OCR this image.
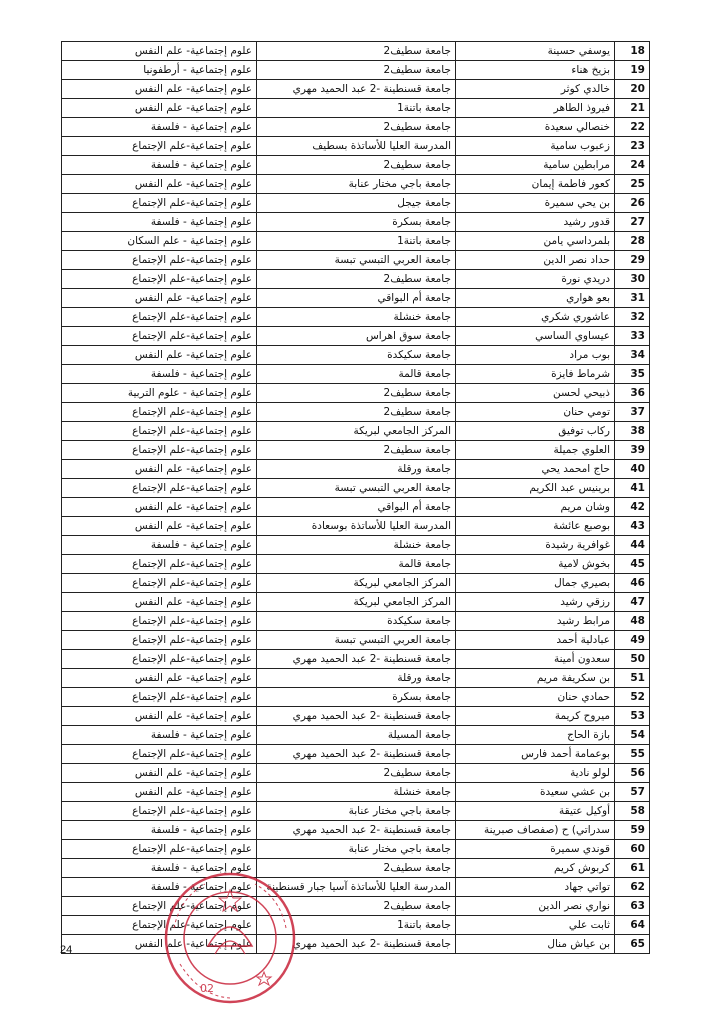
18	يوسفي حسينة	جامعة سطيف2	علوم إجتماعية- علم النفس
19	بزيخ هناء	جامعة سطيف2	علوم إجتماعية - أرطفونيا
20	خالدي كوثر	جامعة قسنطينة -2 عبد الحميد مهري	علوم إجتماعية- علم النفس
21	فيروذ الطاهر	جامعة باتنة1	علوم إجتماعية- علم النفس
22	خنصالي سعيدة	جامعة سطيف2	علوم إجتماعية - فلسفة
23	زعبوب سامية	المدرسة العليا للأساتذة بسطيف	علوم إجتماعية-علم الإجتماع
24	مرابطين سامية	جامعة سطيف2	علوم إجتماعية - فلسفة
25	كعور فاطمة إيمان	جامعة باجي مختار عنابة	علوم إجتماعية- علم النفس
26	بن يحي سميرة	جامعة جيجل	علوم إجتماعية-علم الإجتماع
27	قدور رشيد	جامعة بسكرة	علوم إجتماعية - فلسفة
28	بلمرداسي يامن	جامعة باتنة1	علوم إجتماعية - علم السكان
29	حداد نصر الدين	جامعة العربي التبسي تبسة	علوم إجتماعية-علم الإجتماع
30	دريدي نورة	جامعة سطيف2	علوم إجتماعية-علم الإجتماع
31	بعو هواري	جامعة أم البواقي	علوم إجتماعية- علم النفس
32	عاشوري شكري	جامعة خنشلة	علوم إجتماعية-علم الإجتماع
33	عيساوي الساسي	جامعة سوق اهراس	علوم إجتماعية-علم الإجتماع
34	بوب مراد	جامعة سكيكدة	علوم إجتماعية- علم النفس
35	شرماط فايزة	جامعة قالمة	علوم إجتماعية - فلسفة
36	ذبيحي لحسن	جامعة سطيف2	علوم إجتماعية - علوم التربية
37	تومي حنان	جامعة سطيف2	علوم إجتماعية-علم الإجتماع
38	ركاب توفيق	المركز الجامعي لبريكة	علوم إجتماعية-علم الإجتماع
39	العلوي جميلة	جامعة سطيف2	علوم إجتماعية-علم الإجتماع
40	حاج امحمد يحي	جامعة ورقلة	علوم إجتماعية- علم النفس
41	برينيس عبد الكريم	جامعة العربي التبسي تبسة	علوم إجتماعية-علم الإجتماع
42	وشان مريم	جامعة أم البواقي	علوم إجتماعية- علم النفس
43	بوصبع عائشة	المدرسة العليا للأساتذة بوسعادة	علوم إجتماعية- علم النفس
44	غوافرية رشيدة	جامعة خنشلة	علوم إجتماعية - فلسفة
45	بخوش لامية	جامعة قالمة	علوم إجتماعية-علم الإجتماع
46	بصيري جمال	المركز الجامعي لبريكة	علوم إجتماعية-علم الإجتماع
47	رزقي رشيد	المركز الجامعي لبريكة	علوم إجتماعية- علم النفس
48	مرابط رشيد	جامعة سكيكدة	علوم إجتماعية-علم الإجتماع
49	عبادلية أحمد	جامعة العربي التبسي تبسة	علوم إجتماعية-علم الإجتماع
50	سعدون أمينة	جامعة قسنطينة -2 عبد الحميد مهري	علوم إجتماعية-علم الإجتماع
51	بن سكريفة مريم	جامعة ورقلة	علوم إجتماعية- علم النفس
52	حمادي حنان	جامعة بسكرة	علوم إجتماعية-علم الإجتماع
53	ميروح كريمة	جامعة قسنطينة -2 عبد الحميد مهري	علوم إجتماعية- علم النفس
54	بازة الحاج	جامعة المسيلة	علوم إجتماعية - فلسفة
55	بوعمامة أحمد فارس	جامعة قسنطينة -2 عبد الحميد مهري	علوم إجتماعية-علم الإجتماع
56	لولو نادية	جامعة سطيف2	علوم إجتماعية- علم النفس
57	بن عشي سعيدة	جامعة خنشلة	علوم إجتماعية- علم النفس
58	أوكيل عتيقة	جامعة باجي مختار عنابة	علوم إجتماعية-علم الإجتماع
59	سدراتي) ح (صفصاف صبرينة	جامعة قسنطينة -2 عبد الحميد مهري	علوم إجتماعية - فلسفة
60	قوندي سميرة	جامعة باجي مختار عنابة	علوم إجتماعية-علم الإجتماع
61	كربوش كريم	جامعة سطيف2	علوم إجتماعية - فلسفة
62	تواتي جهاد	المدرسة العليا للأساتذة آسيا جبار قسنطينة	علوم إجتماعية - فلسفة
63	نواري نصر الدين	جامعة سطيف2	علوم إجتماعية-علم الإجتماع
64	ثابت علي	جامعة باتنة1	علوم إجتماعية-علم الإجتماع
65	بن عياش منال	جامعة قسنطينة -2 عبد الحميد مهري	علوم إجتماعية- علم النفس
24
02
